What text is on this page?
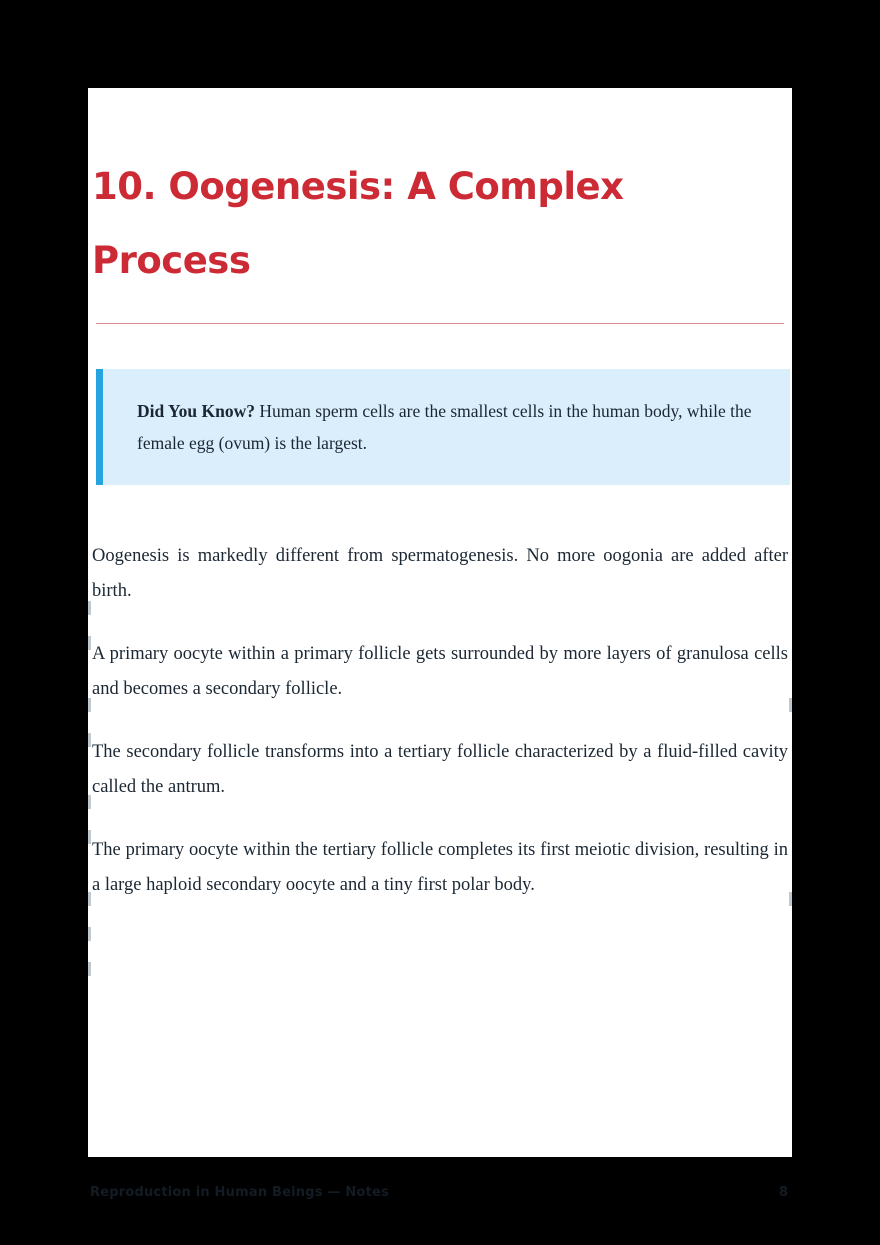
10. Oogenesis: A Complex Process

Did You Know? Human sperm cells are the smallest cells in the human body, while the female egg (ovum) is the largest.

Oogenesis is markedly different from spermatogenesis. No more oogonia are added after birth.

A primary oocyte within a primary follicle gets surrounded by more layers of granulosa cells and becomes a secondary follicle.

The secondary follicle transforms into a tertiary follicle characterized by a fluid-filled cavity called the antrum.

The primary oocyte within the tertiary follicle completes its first meiotic division, resulting in a large haploid secondary oocyte and a tiny first polar body.

Reproduction in Human Beings — Notes	8
